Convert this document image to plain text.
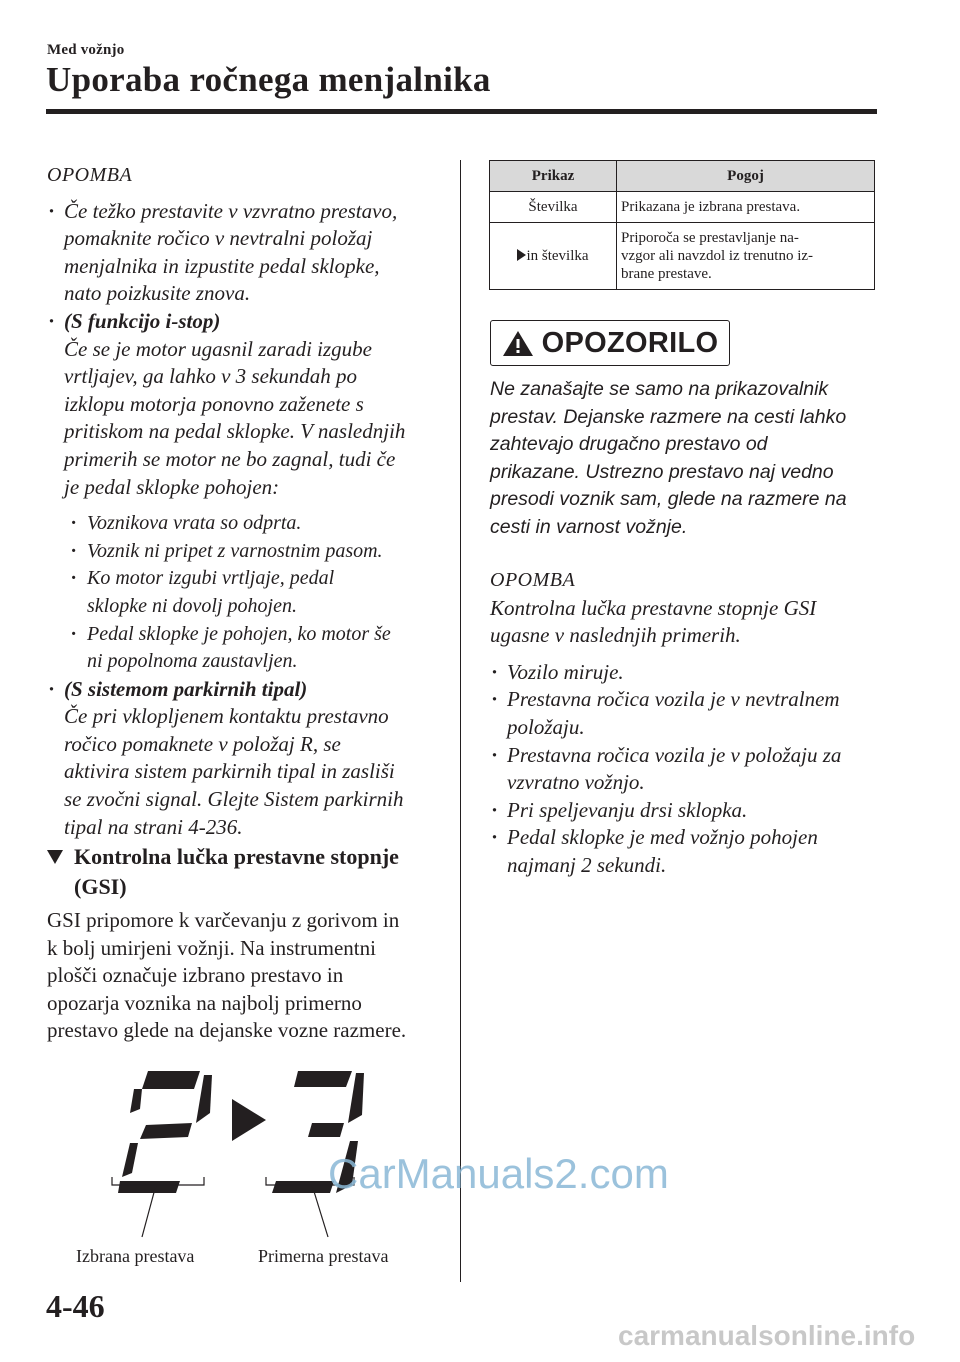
Med vožnjo
Uporaba ročnega menjalnika
OPOMBA

· Če težko prestavite v vzvratno prestavo,

pomaknite ročico v nevtralni položaj

menjalnika in izpustite pedal sklopke,

nato poizkusite znova.

· (S funkcijo i-stop)

Če se je motor ugasnil zaradi izgube

vrtljajev, ga lahko v 3 sekundah po

izklopu motorja ponovno zaženete s

pritiskom na pedal sklopke. V naslednjih

primerih se motor ne bo zagnal, tudi če

je pedal sklopke pohojen:

· Voznikova vrata so odprta.

· Voznik ni pripet z varnostnim pasom.

· Ko motor izgubi vrtljaje, pedal

sklopke ni dovolj pohojen.

· Pedal sklopke je pohojen, ko motor še

ni popolnoma zaustavljen.

· (S sistemom parkirnih tipal)

Če pri vklopljenem kontaktu prestavno

ročico pomaknete v položaj R, se

aktivira sistem parkirnih tipal in zasliši

se zvočni signal. Glejte Sistem parkirnih

tipal na strani 4-236.

Kontrolna lučka prestavne stopnje

(GSI)

GSI pripomore k varčevanju z gorivom in

k bolj umirjeni vožnji. Na instrumentni

plošči označuje izbrano prestavo in

opozarja voznika na najbolj primerno

prestavo glede na dejanske vozne razmere.

Izbrana prestava	Primerna prestava
Prikaz	Pogoj
Številka	Prikazana je izbrana prestava.
in številka	Priporoča se prestavljanje na-
vzgor ali navzdol iz trenutno iz-
brane prestave.
OPOZORILO

Ne zanašajte se samo na prikazovalnik

prestav. Dejanske razmere na cesti lahko

zahtevajo drugačno prestavo od

prikazane. Ustrezno prestavo naj vedno

presodi voznik sam, glede na razmere na

cesti in varnost vožnje.

OPOMBA

Kontrolna lučka prestavne stopnje GSI

ugasne v naslednjih primerih.

· Vozilo miruje.

· Prestavna ročica vozila je v nevtralnem

položaju.

· Prestavna ročica vozila je v položaju za

vzvratno vožnjo.

· Pri speljevanju drsi sklopka.

· Pedal sklopke je med vožnjo pohojen

najmanj 2 sekundi.

4-46
CarManuals2.com
carmanualsonline.info
